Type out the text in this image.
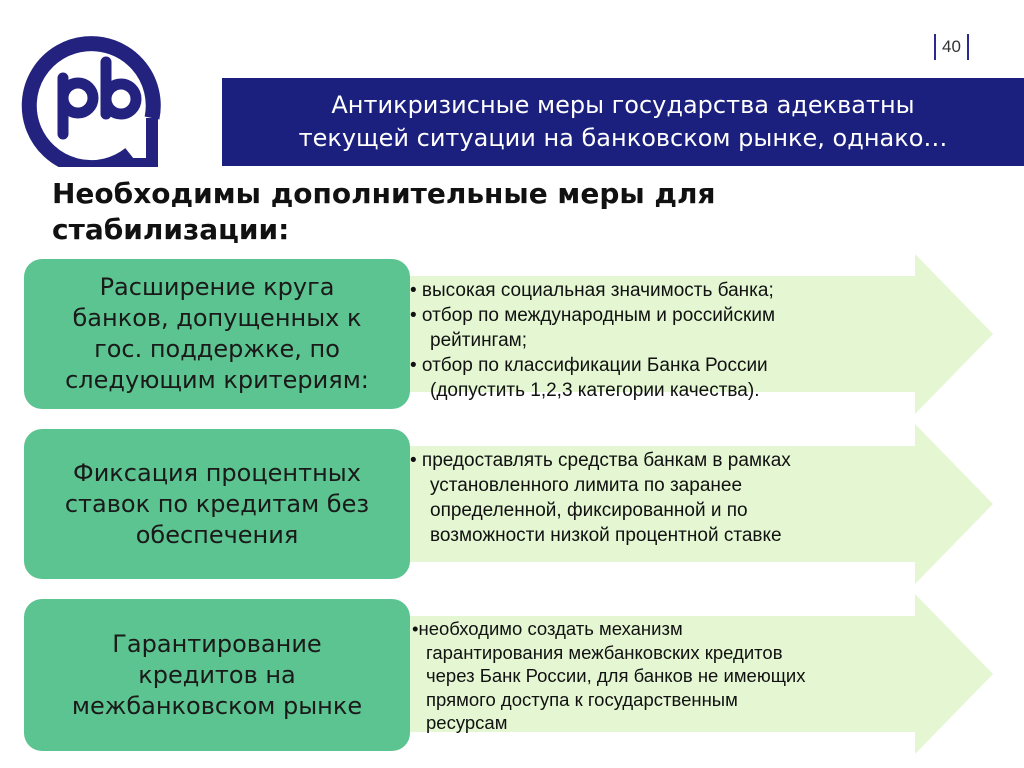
40
Антикризисные меры государства адекватны
текущей ситуации на банковском рынке, однако…
Необходимы дополнительные меры для
стабилизации:
Расширение круга
банков, допущенных к
гос. поддержке, по
следующим критериям:

• высокая социальная значимость банка;

• отбор по международным и российским

рейтингам;

• отбор по классификации Банка России

(допустить 1,2,3 категории качества).

Фиксация процентных
ставок по кредитам без
обеспечения

• предоставлять средства банкам в рамках

установленного лимита по заранее

определенной, фиксированной и по

возможности низкой процентной ставке

Гарантирование
кредитов на
межбанковском рынке

•необходимо создать механизм

гарантирования межбанковских кредитов

через Банк России, для банков не имеющих

прямого доступа к государственным

ресурсам
